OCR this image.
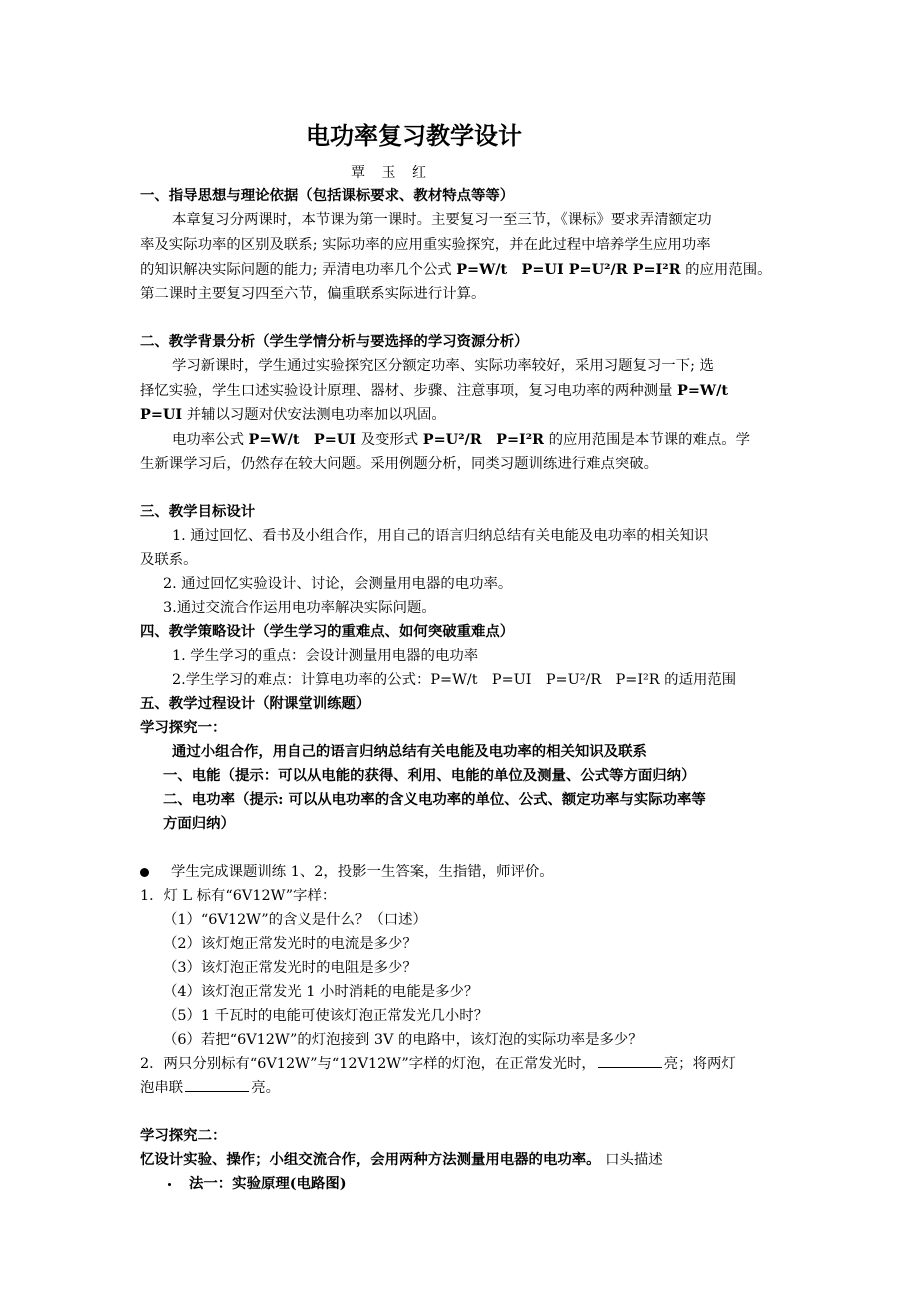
电功率复习教学设计
覃 玉 红
一、指导思想与理论依据（包括课标要求、教材特点等等）
本章复习分两课时，本节课为第一课时。主要复习一至三节，《课标》要求弄清额定功
率及实际功率的区别及联系; 实际功率的应用重实验探究，并在此过程中培养学生应用功率
的知识解决实际问题的能力; 弄清电功率几个公式 P=W/t　P=UI P=U²/R P=I²R 的应用范围。
第二课时主要复习四至六节，偏重联系实际进行计算。
二、教学背景分析（学生学情分析与要选择的学习资源分析）
学习新课时，学生通过实验探究区分额定功率、实际功率较好，采用习题复习一下; 选
择忆实验，学生口述实验设计原理、器材、步骤、注意事项，复习电功率的两种测量 P=W/t
P=UI 并辅以习题对伏安法测电功率加以巩固。
电功率公式 P=W/t　P=UI 及变形式 P=U²/R　P=I²R 的应用范围是本节课的难点。学
生新课学习后，仍然存在较大问题。采用例题分析，同类习题训练进行难点突破。
三、教学目标设计
1. 通过回忆、看书及小组合作，用自己的语言归纳总结有关电能及电功率的相关知识
及联系。
2. 通过回忆实验设计、讨论，会测量用电器的电功率。
3.通过交流合作运用电功率解决实际问题。
四、教学策略设计（学生学习的重难点、如何突破重难点）
1. 学生学习的重点：会设计测量用电器的电功率
2.学生学习的难点：计算电功率的公式：P=W/t　P=UI　P=U²/R　P=I²R 的适用范围
五、教学过程设计（附课堂训练题）
学习探究一：
通过小组合作，用自己的语言归纳总结有关电能及电功率的相关知识及联系
一、电能（提示：可以从电能的获得、利用、电能的单位及测量、公式等方面归纳）
二、电功率（提示: 可以从电功率的含义电功率的单位、公式、额定功率与实际功率等
方面归纳）
学生完成课题训练 1、2，投影一生答案，生指错，师评价。
1．灯 L 标有“6V12W”字样：
（1）“6V12W”的含义是什么？（口述）
（2）该灯炮正常发光时的电流是多少？
（3）该灯泡正常发光时的电阻是多少？
（4）该灯泡正常发光 1 小时消耗的电能是多少？
（5）1 千瓦时的电能可使该灯泡正常发光几小时？
（6）若把“6V12W”的灯泡接到 3V 的电路中，该灯泡的实际功率是多少？
2．两只分别标有“6V12W”与“12V12W”字样的灯泡，在正常发光时，	亮；将两灯
泡串联	亮。
学习探究二：
忆设计实验、操作；小组交流合作，会用两种方法测量用电器的电功率。 口头描述
法一：实验原理(电路图)
